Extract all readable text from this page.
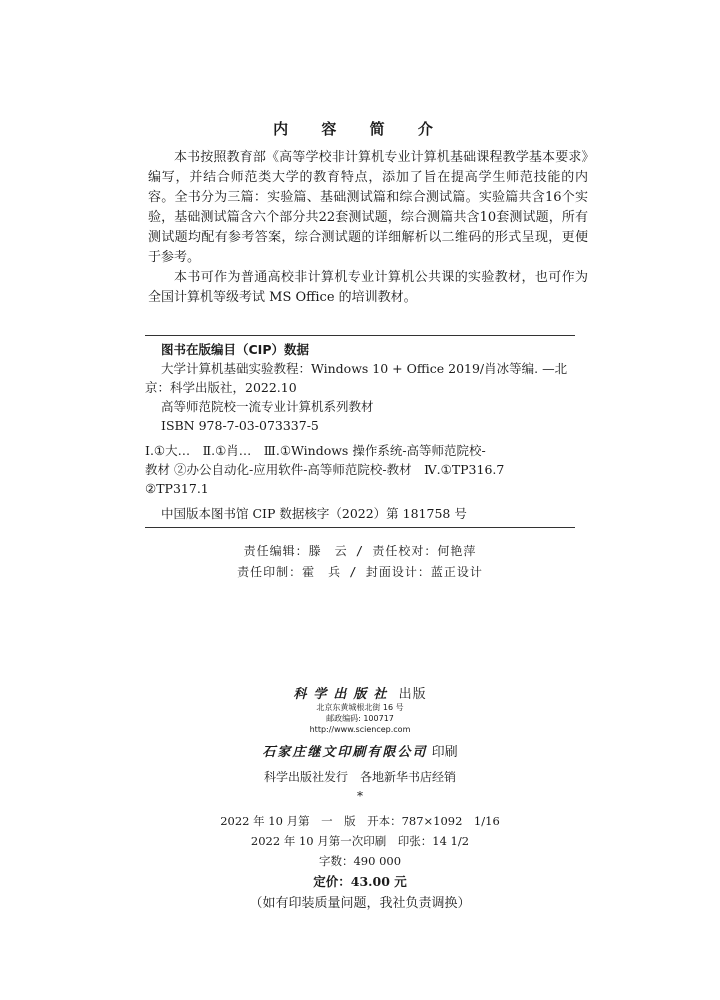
内 容 简 介

本书按照教育部《高等学校非计算机专业计算机基础课程教学基本要求》编写，并结合师范类大学的教育特点，添加了旨在提高学生师范技能的内容。全书分为三篇：实验篇、基础测试篇和综合测试篇。实验篇共含16个实验，基础测试篇含六个部分共22套测试题，综合测篇共含10套测试题，所有测试题均配有参考答案，综合测试题的详细解析以二维码的形式呈现，更便于参考。

本书可作为普通高校非计算机专业计算机公共课的实验教材，也可作为全国计算机等级考试 MS Office 的培训教材。

图书在版编目（CIP）数据
大学计算机基础实验教程：Windows 10 + Office 2019/肖冰等编. —北
京：科学出版社，2022.10
高等师范院校一流专业计算机系列教材
ISBN 978-7-03-073337-5
Ⅰ.①大…　Ⅱ.①肖…　Ⅲ.①Windows 操作系统-高等师范院校-
教材 ②办公自动化-应用软件-高等师范院校-教材　Ⅳ.①TP316.7
②TP317.1
中国版本图书馆 CIP 数据核字（2022）第 181758 号
责任编辑：滕　云 / 责任校对：何艳萍
责任印制：霍　兵 / 封面设计：蓝正设计
科学出版社 出版
北京东黄城根北街 16 号
邮政编码: 100717
http://www.sciencep.com
石家庄继文印刷有限公司 印刷
科学出版社发行　各地新华书店经销
*
2022 年 10 月第　一　版　开本：787×1092　1/16
2022 年 10 月第一次印刷　印张：14 1/2
字数：490 000
定价：43.00 元
（如有印装质量问题，我社负责调换）
